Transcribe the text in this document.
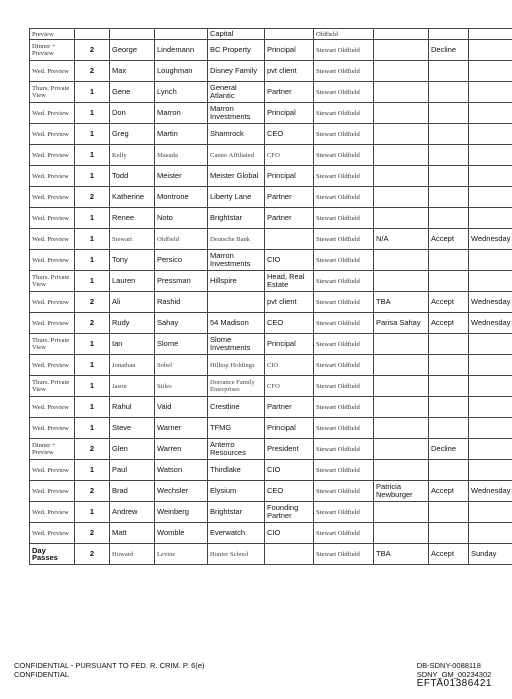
Preview				Capital		Oldfield			
Dinner + Preview	2	George	Lindemann	BC Property	Principal	Stewart Oldfield		Decline	
Wed. Preview	2	Max	Loughman	Disney Family	pvt client	Stewart Oldfield			
Thurs. Private View	1	Gene	Lynch	General Atlantic	Partner	Stewart Oldfield			
Wed. Preview	1	Don	Marron	Marron Investments	Principal	Stewart Oldfield			
Wed. Preview	1	Greg	Martin	Shamrock	CEO	Stewart Oldfield			
Wed. Preview	1	Kelly	Masuda	Canno Affiliated	CFO	Stewart Oldfield			
Wed. Preview	1	Todd	Meister	Meister Global	Principal	Stewart Oldfield			
Wed. Preview	2	Katherine	Montrone	Liberty Lane	Partner	Stewart Oldfield			
Wed. Preview	1	Renee	Noto	Brightstar	Partner	Stewart Oldfield			
Wed. Preview	1	Stewart	Oldfield	Deutsche Bank		Stewart Oldfield	N/A	Accept	Wednesday
Wed. Preview	1	Tony	Persico	Marron Investments	CIO	Stewart Oldfield			
Thurs. Private View	1	Lauren	Pressman	Hillspire	Head, Real Estate	Stewart Oldfield			
Wed. Preview	2	Ali	Rashid		pvt client	Stewart Oldfield	TBA	Accept	Wednesday
Wed. Preview	2	Rudy	Sahay	54 Madison	CEO	Stewart Oldfield	Parisa Sahay	Accept	Wednesday
Thurs. Private View	1	Ian	Slome	Slome Investments	Principal	Stewart Oldfield			
Wed. Preview	1	Jonathan	Sobel	Hilltop Holdings	CIO	Stewart Oldfield			
Thurs. Private View	1	Jason	Stiles	Dorrance Family Enterprises	CFO	Stewart Oldfield			
Wed. Preview	1	Rahul	Vaid	Crestline	Partner	Stewart Oldfield			
Wed. Preview	1	Steve	Warner	TFMG	Principal	Stewart Oldfield			
Dinner + Preview	2	Glen	Warren	Anterro Resources	President	Stewart Oldfield		Decline	
Wed. Preview	1	Paul	Watson	Thirdlake	CIO	Stewart Oldfield			
Wed. Preview	2	Brad	Wechsler	Elysium	CEO	Stewart Oldfield	Patricia Newburger	Accept	Wednesday
Wed. Preview	1	Andrew	Weinberg	Brightstar	Founding Partner	Stewart Oldfield			
Wed. Preview	2	Matt	Womble	Everwatch	CIO	Stewart Oldfield			
Day Passes	2	Howard	Levine	Hunter School		Stewart Oldfield	TBA	Accept	Sunday
CONFIDENTIAL - PURSUANT TO FED. R. CRIM. P. 6(e)
CONFIDENTIAL
DB-SDNY-0088118
SDNY_GM_00234302
EFTA01386421
